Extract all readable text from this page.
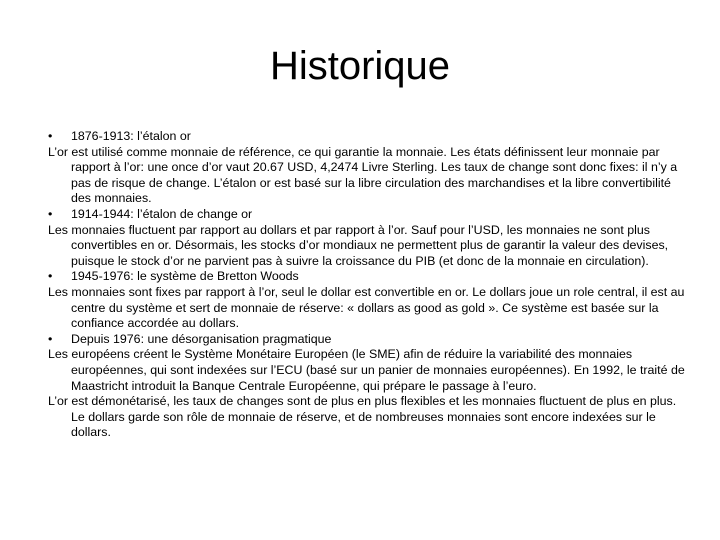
Historique

• 1876-1913: l’étalon or

L’or est utilisé comme monnaie de référence, ce qui garantie la monnaie. Les états définissent leur monnaie par rapport à l’or: une once d’or vaut 20.67 USD, 4,2474 Livre Sterling. Les taux de change sont donc fixes: il n’y a pas de risque de change. L’étalon or est basé sur la libre circulation des marchandises et la libre convertibilité des monnaies.

• 1914-1944: l’étalon de change or

Les monnaies fluctuent par rapport au dollars et par rapport à l’or. Sauf pour l’USD, les monnaies ne sont plus convertibles en or. Désormais, les stocks d’or mondiaux ne permettent plus de garantir la valeur des devises, puisque le stock d’or ne parvient pas à suivre la croissance du PIB (et donc de la monnaie en circulation).

• 1945-1976: le système de Bretton Woods

Les monnaies sont fixes par rapport à l’or, seul le dollar est convertible en or. Le dollars joue un role central, il est au centre du système et sert de monnaie de réserve: « dollars as good as gold ». Ce système est basée sur la confiance accordée au dollars.

• Depuis 1976: une désorganisation pragmatique

Les européens créent le Système Monétaire Européen (le SME) afin de réduire la variabilité des monnaies européennes, qui sont indexées sur l’ECU (basé sur un panier de monnaies européennes). En 1992, le traité de Maastricht introduit la Banque Centrale Européenne, qui prépare le passage à l’euro.

L’or est démonétarisé, les taux de changes sont de plus en plus flexibles et les monnaies fluctuent de plus en plus. Le dollars garde son rôle de monnaie de réserve, et de nombreuses monnaies sont encore indexées sur le dollars.
